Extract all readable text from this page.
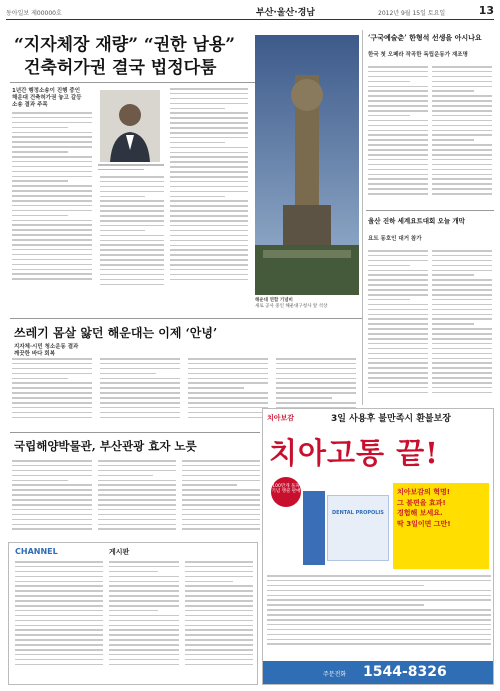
동아일보 제00000호	부산·울산·경남	2012년 9월 15일 토요일	13
“지자체장 재량” “권한 남용”
건축허가권 결국 법정다툼
1년간 행정소송이 진행 중인
해운대 건축허가권 놓고 갈등
소송 결과 주목
해운대 연합 기념비
새로 공사 중인 해운대구청사 앞 석상
‘구국예술춘’ 한형석 선생을 아시나요
한국 첫 오페라 작곡한 독립운동가 재조명
울산 진하 세계요트대회 오늘 개막
요트 동호인 대거 참가
쓰레기 몸살 앓던 해운대는 이제 ‘안녕’
지자체·시민 청소운동 결과
깨끗한 바다 회복
국립해양박물관, 부산관광 효자 노릇
치아보감	3일 사용후 불만족시 환불보장
치아고통 끝!
100만개 돌파기념 앵콜 판매
DENTAL PROPOLIS
치아보감의 혁명!
그 불편을 효과!
경험해 보세요.
딱 3일이면 그만!
주문전화 1544-8326
CHANNEL	게시판
